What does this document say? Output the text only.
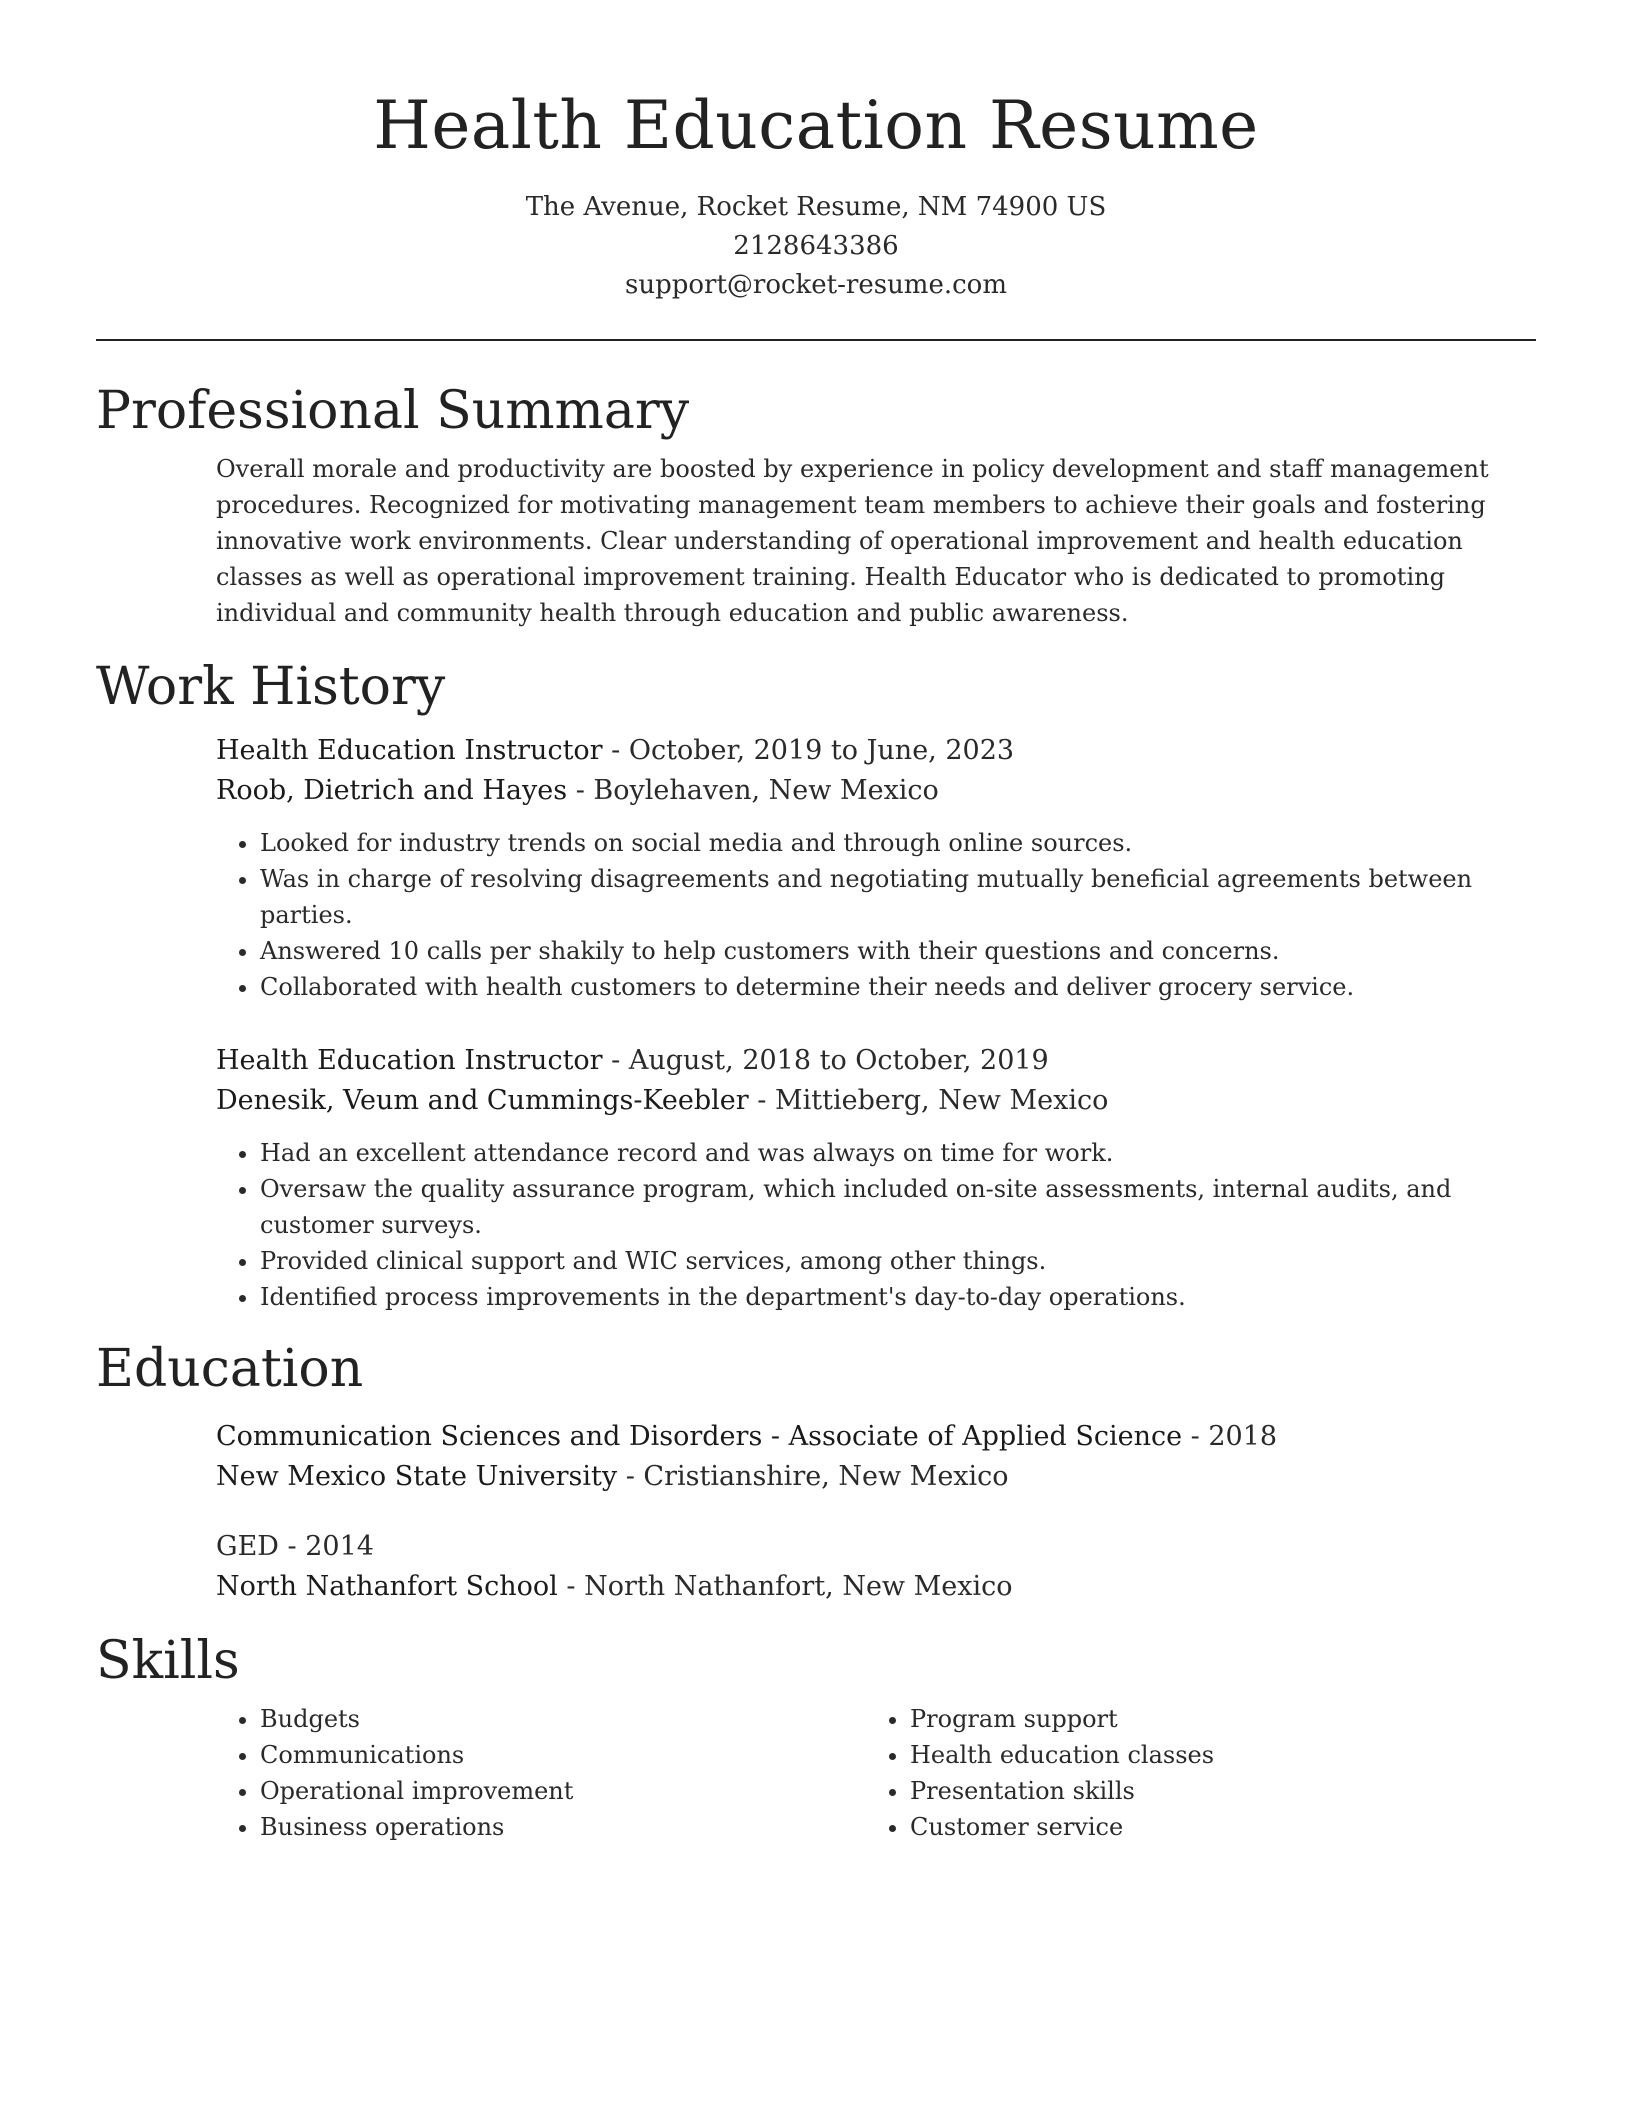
Health Education Resume
The Avenue, Rocket Resume, NM 74900 US
2128643386
support@rocket-resume.com
Professional Summary
Overall morale and productivity are boosted by experience in policy development and staff management procedures. Recognized for motivating management team members to achieve their goals and fostering innovative work environments. Clear understanding of operational improvement and health education classes as well as operational improvement training. Health Educator who is dedicated to promoting individual and community health through education and public awareness.
Work History
Health Education Instructor - October, 2019 to June, 2023
Roob, Dietrich and Hayes - Boylehaven, New Mexico
• Looked for industry trends on social media and through online sources.
• Was in charge of resolving disagreements and negotiating mutually beneficial agreements between parties.
• Answered 10 calls per shakily to help customers with their questions and concerns.
• Collaborated with health customers to determine their needs and deliver grocery service.
Health Education Instructor - August, 2018 to October, 2019
Denesik, Veum and Cummings-Keebler - Mittieberg, New Mexico
• Had an excellent attendance record and was always on time for work.
• Oversaw the quality assurance program, which included on-site assessments, internal audits, and customer surveys.
• Provided clinical support and WIC services, among other things.
• Identified process improvements in the department's day-to-day operations.
Education
Communication Sciences and Disorders - Associate of Applied Science - 2018
New Mexico State University - Cristianshire, New Mexico
GED - 2014
North Nathanfort School - North Nathanfort, New Mexico
Skills
• Budgets
• Communications
• Operational improvement
• Business operations
• Program support
• Health education classes
• Presentation skills
• Customer service
